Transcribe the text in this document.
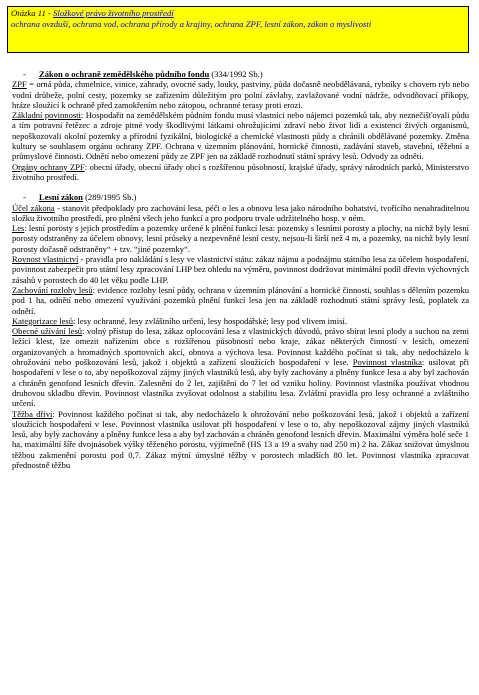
Otázka 11 - Složkové právo životního prostředí
ochrana ovzduší, ochrana vod, ochrana přírody a krajiny, ochrana ZPF, lesní zákon, zákon o myslivosti
- Zákon o ochraně zemědělského půdního fondu (334/1992 Sb.)

ZPF = orná půda, chmelnice, vinice, zahrady, ovocné sady, louky, pastviny, půda dočasně neobdělávaná, rybníky s chovem ryb nebo vodní drůbeže, polní cesty, pozemky se zařízením důležitým pro polní závlahy, zavlažované vodní nádrže, odvodňovací příkopy, hráze sloužící k ochraně před zamokřením nebo zátopou, ochranné terasy proti erozi.

Základní povinnosti: Hospodařit na zemědělském půdním fondu musí vlastníci nebo nájemci pozemků tak, aby neznečišťovali půdu a tím potravní řetězec a zdroje pitné vody škodlivými látkami ohrožujícími zdraví nebo život lidí a existenci živých organismů, nepoškozovali okolní pozemky a přírodní fyzikální, biologické a chemické vlastnosti půdy a chránili obdělávané pozemky. Změna kultury se souhlasem orgánu ochrany ZPF. Ochrana v územním plánování, hornické činnosti, zadávání staveb, stavební, těžební a průmyslové činnosti. Odnětí nebo omezení půdy ze ZPF jen na základě rozhodnutí státní správy lesů. Odvody za odnětí.

Orgány ochrany ZPF: obecní úřady, obecní úřady obcí s rozšířenou působností, krajské úřady, správy národních parků, Ministerstvo životního prostředí.

- Lesní zákon (289/1995 Sb.)

Účel zákona - stanovit předpoklady pro zachování lesa, péči o les a obnovu lesa jako národního bohatství, tvořícího nenahraditelnou složku životního prostředí, pro plnění všech jeho funkcí a pro podporu trvale udržitelného hosp. v ném.

Les: lesní porosty s jejich prostředím a pozemky určené k plnění funkcí lesa: pozemky s lesními porosty a plochy, na nichž byly lesní porosty odstraněny za účelem obnovy, lesní průseky a nezpevněné lesní cesty, nejsou-li širší než 4 m, a pozemky, na nichž byly lesní porosty dočasně odstraněny“ + tzv. “jiné pozemky“.

Rovnost vlastnictví - pravidla pro nakládání s lesy ve vlastnictví státu: zákaz nájmu a podnájmu státního lesa za účelem hospodaření, povinnost zabezpečit pro státní lesy zpracování LHP bez ohledu na výměru, povinnost dodržovat minimální podíl dřevin výchovných zásahů v porostech do 40 let věku podle LHP.

Zachování rozlohy lesů: evidence rozlohy lesní půdy, ochrana v územním plánování a hornické činnosti, souhlas s dělením pozemku pod 1 ha, odnětí nebo omezení využívání pozemků plnění funkcí lesa jen na základě rozhodnutí státní správy lesů, poplatek za odnětí.

Kategorizace lesů: lesy ochranné, lesy zvláštního určení, lesy hospodářské; lesy pod vlivem imisí.

Obecné užívání lesů: volný přístup do lesa, zákaz oplocování lesa z vlastnických důvodů, právo sbírat lesní plody a suchou na zemi ležící klest, lze omezit nařízením obce s rozšířenou působností nebo kraje, zákaz některých činností v lesích, omezení organizovaných a hromadných sportovních akcí, obnova a výchova lesa. Povinnost každého počínat si tak, aby nedocházelo k ohrožování nebo poškozování lesů, jakož i objektů a zařízení sloužících hospodaření v lese. Povinnost vlastníka: usilovat při hospodaření v lese o to, aby nepoškozoval zájmy jiných vlastníků lesů, aby byly zachovány a plněny funkce lesa a aby byl zachován a chráněn genofond lesních dřevin. Zalesnění do 2 let, zajištění do 7 let od vzniku holiny. Povinnost vlastníka používat vhodnou druhovou skladbu dřevin. Povinnost vlastníka zvyšovat odolnost a stabilitu lesa. Zvláštní pravidla pro lesy ochranné a zvláštního určení.

Těžba dříví: Povinnost každého počínat si tak, aby nedocházelo k ohrožování nebo poškozování lesů, jakož i objektů a zařízení sloužících hospodaření v lese. Povinnost vlastníka usilovat při hospodaření v lese o to, aby nepoškozoval zájmy jiných vlastníků lesů, aby byly zachovány a plněny funkce lesa a aby byl zachován a chráněn genofond lesních dřevin. Maximální výměra holé seče 1 ha, maximální šíře dvojnásobek výšky těženého porostu, výjimečně (HS 13 a 19 a svahy nad 250 m) 2 ha. Zákaz snižovat úmyslnou těžbou zakmenění porostu pod 0,7. Zákaz mýtní úmyslné těžby v porostech mladších 80 let. Povinnost vlastníka zpracovat přednostně těžbu
